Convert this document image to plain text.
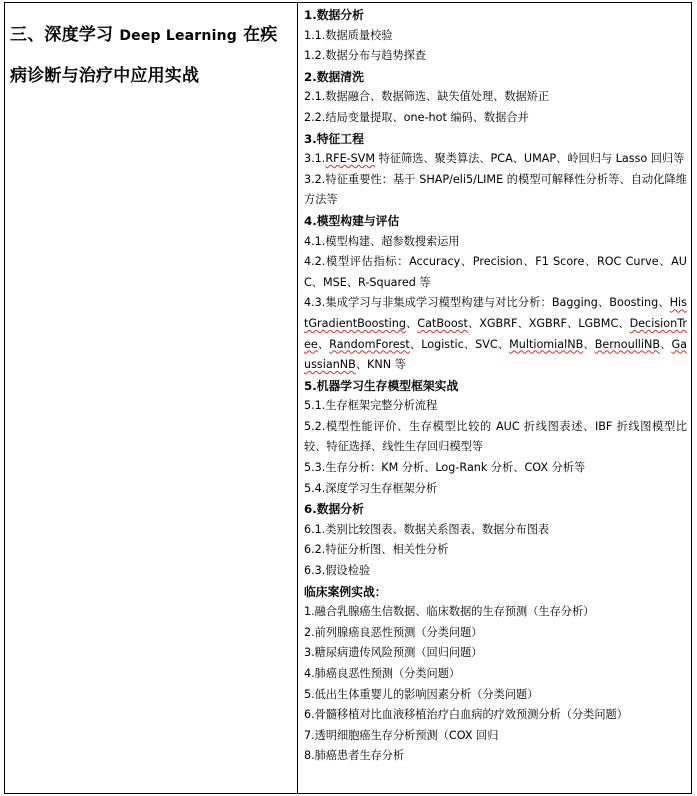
三、深度学习 Deep Learning 在疾病诊断与治疗中应用实战

1.数据分析
1.1.数据质量校验
1.2.数据分布与趋势探查
2.数据清洗
2.1.数据融合、数据筛选、缺失值处理、数据矫正
2.2.结局变量提取、one-hot 编码、数据合并
3.特征工程
3.1.RFE-SVM 特征筛选、聚类算法、PCA、UMAP、岭回归与 Lasso 回归等
3.2.特征重要性：基于 SHAP/eli5/LIME 的模型可解释性分析等、自动化降维方法等
4.模型构建与评估
4.1.模型构建、超参数搜索运用
4.2.模型评估指标：Accuracy、Precision、F1 Score、ROC Curve、AUC、MSE、R-Squared 等
4.3.集成学习与非集成学习模型构建与对比分析：Bagging、Boosting、HistGradientBoosting、CatBoost、XGBRF、XGBRF、LGBMC、DecisionTree、RandomForest、Logistic、SVC、MultiomialNB、BernoulliNB、GaussianNB、KNN 等
5.机器学习生存模型框架实战
5.1.生存框架完整分析流程
5.2.模型性能评价、生存模型比较的 AUC 折线图表述、IBF 折线图模型比较、特征选择、线性生存回归模型等
5.3.生存分析：KM 分析、Log-Rank 分析、COX 分析等
5.4.深度学习生存框架分析
6.数据分析
6.1.类别比较图表、数据关系图表、数据分布图表
6.2.特征分析图、相关性分析
6.3.假设检验
临床案例实战：
1.融合乳腺癌生信数据、临床数据的生存预测（生存分析）
2.前列腺癌良恶性预测（分类问题）
3.糖尿病遗传风险预测（回归问题）
4.肺癌良恶性预测（分类问题）
5.低出生体重婴儿的影响因素分析（分类问题）
6.骨髓移植对比血液移植治疗白血病的疗效预测分析（分类问题）
7.透明细胞癌生存分析预测（COX 回归
8.肺癌患者生存分析
